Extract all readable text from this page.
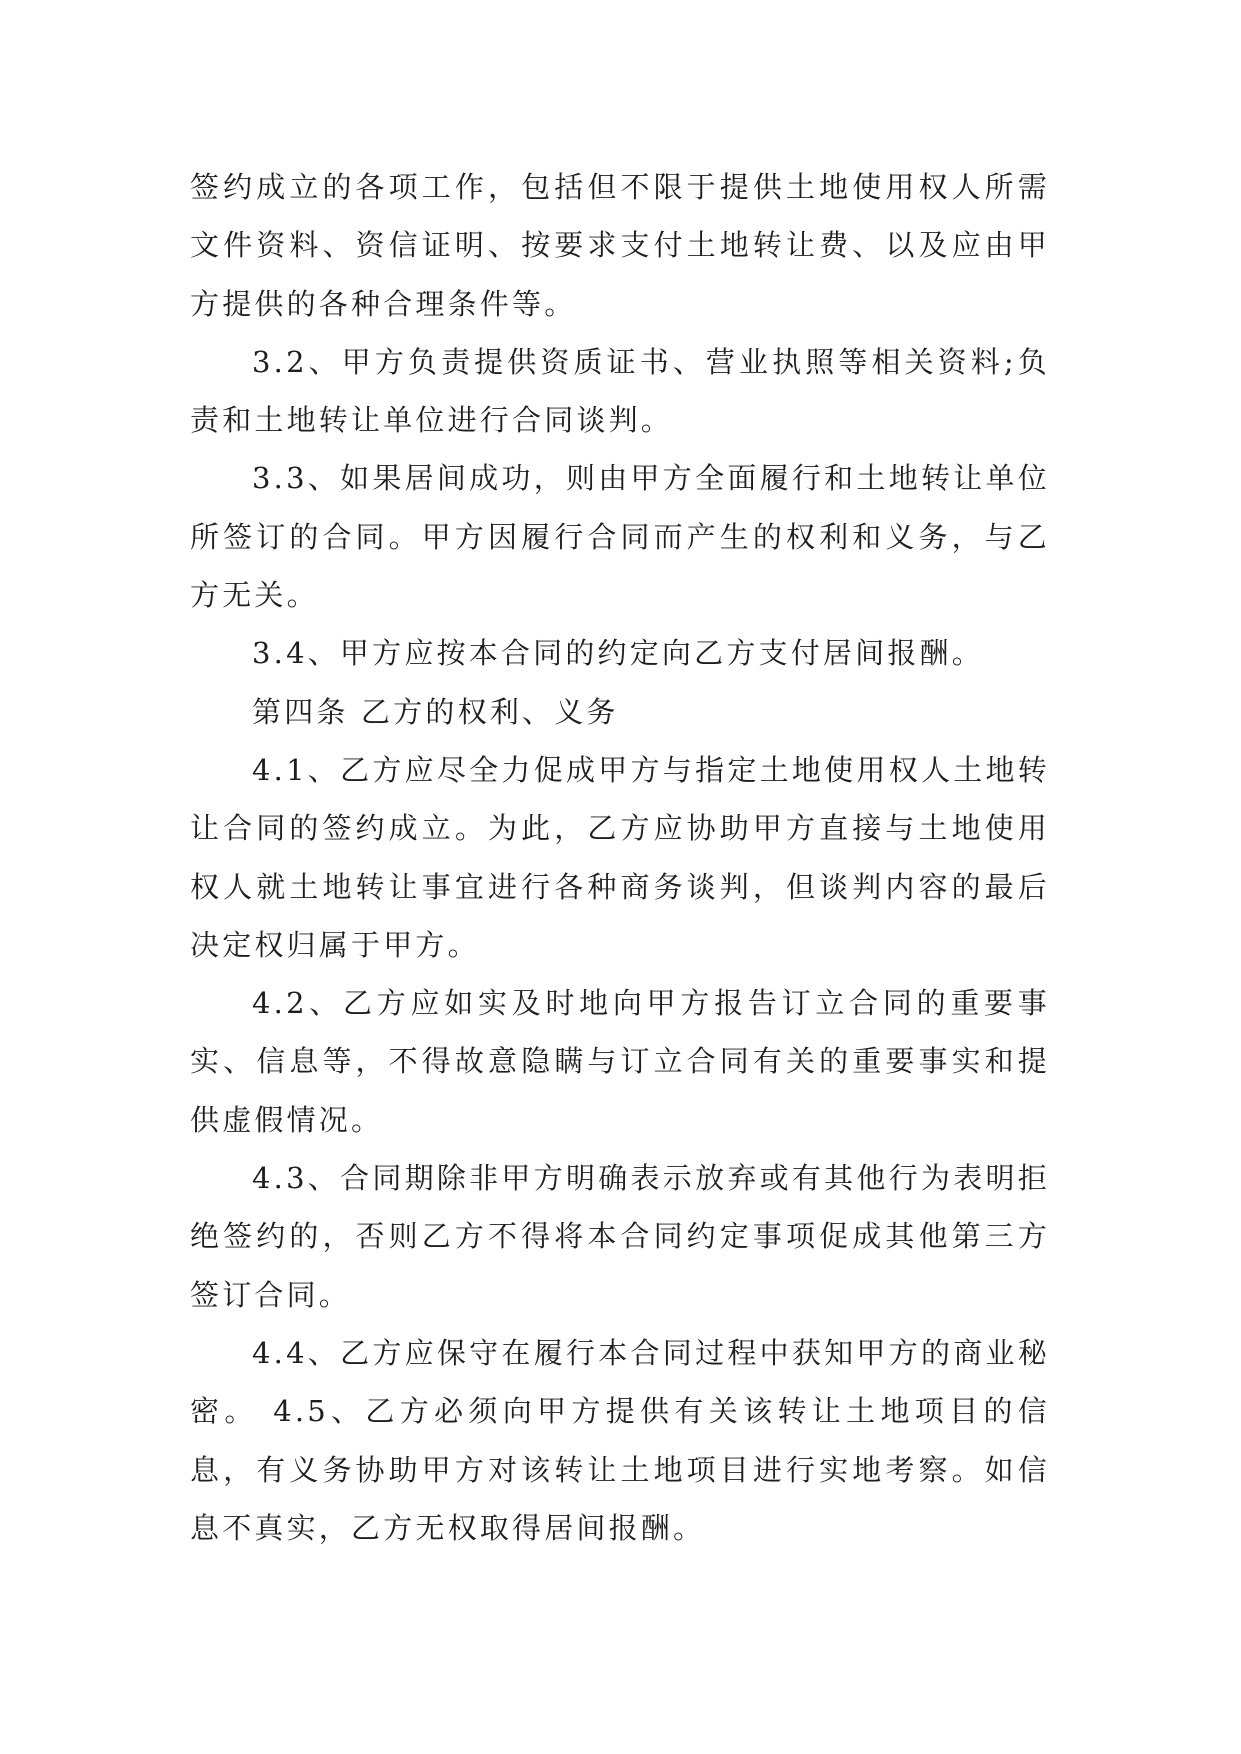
签约成立的各项工作，包括但不限于提供土地使用权人所需文件资料、资信证明、按要求支付土地转让费、以及应由甲方提供的各种合理条件等。

3.2、甲方负责提供资质证书、营业执照等相关资料;负责和土地转让单位进行合同谈判。

3.3、如果居间成功，则由甲方全面履行和土地转让单位所签订的合同。甲方因履行合同而产生的权利和义务，与乙方无关。

3.4、甲方应按本合同的约定向乙方支付居间报酬。

第四条 乙方的权利、义务

4.1、乙方应尽全力促成甲方与指定土地使用权人土地转让合同的签约成立。为此，乙方应协助甲方直接与土地使用权人就土地转让事宜进行各种商务谈判，但谈判内容的最后决定权归属于甲方。

4.2、乙方应如实及时地向甲方报告订立合同的重要事实、信息等，不得故意隐瞒与订立合同有关的重要事实和提供虚假情况。

4.3、合同期除非甲方明确表示放弃或有其他行为表明拒绝签约的，否则乙方不得将本合同约定事项促成其他第三方签订合同。

4.4、乙方应保守在履行本合同过程中获知甲方的商业秘密。 4.5、乙方必须向甲方提供有关该转让土地项目的信息，有义务协助甲方对该转让土地项目进行实地考察。如信息不真实，乙方无权取得居间报酬。
